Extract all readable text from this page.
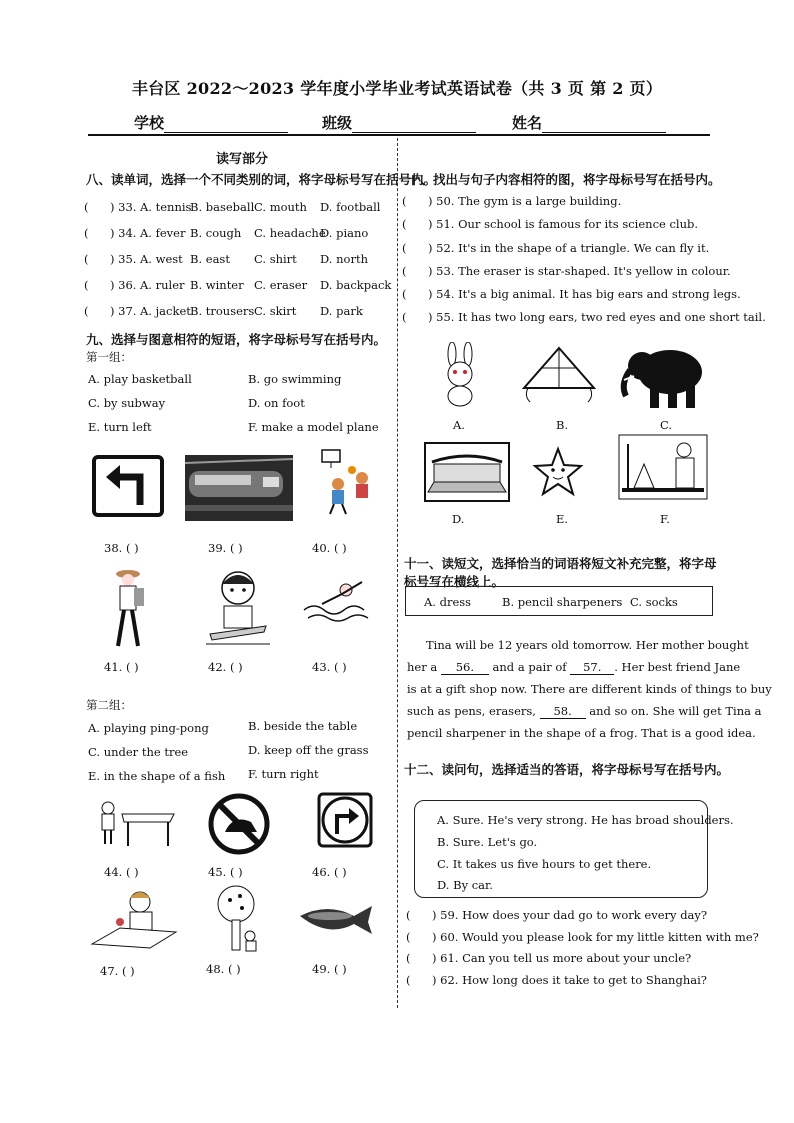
丰台区 2022～2023 学年度小学毕业考试英语试卷（共 3 页 第 2 页）
学校	班级	姓名
读写部分
八、读单词，选择一个不同类别的词，将字母标号写在括号内。
( ) 33. A. tennisB. baseballC. mouth D. football
( ) 34. A. fever B. cough C. headacheD. piano
( ) 35. A. west B. east C. shirt D. north
( ) 36. A. ruler B. winter C. eraser D. backpack
( ) 37. A. jacketB. trousersC. skirt D. park
九、选择与图意相符的短语，将字母标号写在括号内。
第一组：
A. play basketball	B. go swimming
C. by subway	D. on foot
E. turn left	F. make a model plane
38. ( )	39. ( )	40. ( )
41. ( )	42. ( )	43. ( )
第二组：
A. playing ping-pong	B. beside the table
C. under the tree	D. keep off the grass
E. in the shape of a fish F. turn right
44. ( )	45. ( )	46. ( )
47. ( )	48. ( )	49. ( )
十、找出与句子内容相符的图，将字母标号写在括号内。
( ) 50. The gym is a large building.
( ) 51. Our school is famous for its science club.
( ) 52. It's in the shape of a triangle. We can fly it.
( ) 53. The eraser is star-shaped. It's yellow in colour.
( ) 54. It's a big animal. It has big ears and strong legs.
( ) 55. It has two long ears, two red eyes and one short tail.
A.	B.	C.
D.	E.	F.
十一、读短文，选择恰当的词语将短文补充完整，将字母
标号写在横线上。
A. dress	B. pencil sharpeners C. socks
Tina will be 12 years old tomorrow. Her mother bought
her a 56. and a pair of 57. . Her best friend Jane
is at a gift shop now. There are different kinds of things to buy
such as pens, erasers, 58. and so on. She will get Tina a
pencil sharpener in the shape of a frog. That is a good idea.
十二、读问句，选择适当的答语，将字母标号写在括号内。
A. Sure. He's very strong. He has broad shoulders.
B. Sure. Let's go.
C. It takes us five hours to get there.
D. By car.
( ) 59. How does your dad go to work every day?
( ) 60. Would you please look for my little kitten with me?
( ) 61. Can you tell us more about your uncle?
( ) 62. How long does it take to get to Shanghai?
